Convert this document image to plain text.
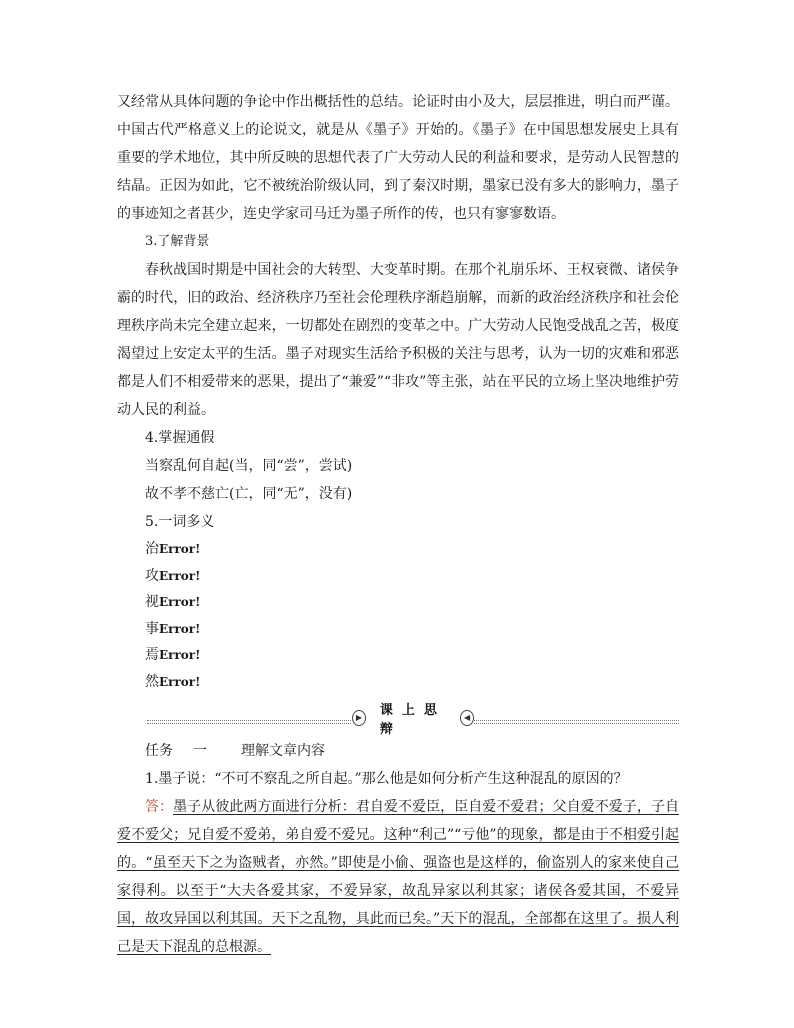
又经常从具体问题的争论中作出概括性的总结。论证时由小及大，层层推进，明白而严谨。中国古代严格意义上的论说文，就是从《墨子》开始的。《墨子》在中国思想发展史上具有重要的学术地位，其中所反映的思想代表了广大劳动人民的利益和要求，是劳动人民智慧的结晶。正因为如此，它不被统治阶级认同，到了秦汉时期，墨家已没有多大的影响力，墨子的事迹知之者甚少，连史学家司马迁为墨子所作的传，也只有寥寥数语。

3.了解背景

春秋战国时期是中国社会的大转型、大变革时期。在那个礼崩乐坏、王权衰微、诸侯争霸的时代，旧的政治、经济秩序乃至社会伦理秩序渐趋崩解，而新的政治经济秩序和社会伦理秩序尚未完全建立起来，一切都处在剧烈的变革之中。广大劳动人民饱受战乱之苦，极度渴望过上安定太平的生活。墨子对现实生活给予积极的关注与思考，认为一切的灾难和邪恶都是人们不相爱带来的恶果，提出了“兼爱”“非攻”等主张，站在平民的立场上坚决地维护劳动人民的利益。

4.掌握通假

当察乱何自起(当，同“尝”，尝试)

故不孝不慈亡(亡，同“无”，没有)

5.一词多义

治Error!
攻Error!
视Error!
事Error!
焉Error!
然Error!
▶ 课上思辩
◀
任务 一 理解文章内容

1.墨子说：“不可不察乱之所自起。”那么他是如何分析产生这种混乱的原因的？

答：墨子从彼此两方面进行分析：君自爱不爱臣，臣自爱不爱君；父自爱不爱子，子自爱不爱父；兄自爱不爱弟，弟自爱不爱兄。这种“利己”“亏他”的现象，都是由于不相爱引起的。“虽至天下之为盗贼者，亦然。”即使是小偷、强盗也是这样的，偷盗别人的家来使自己家得利。以至于“大夫各爱其家，不爱异家，故乱异家以利其家；诸侯各爱其国，不爱异国，故攻异国以利其国。天下之乱物，具此而已矣。”天下的混乱，全部都在这里了。损人利己是天下混乱的总根源。
